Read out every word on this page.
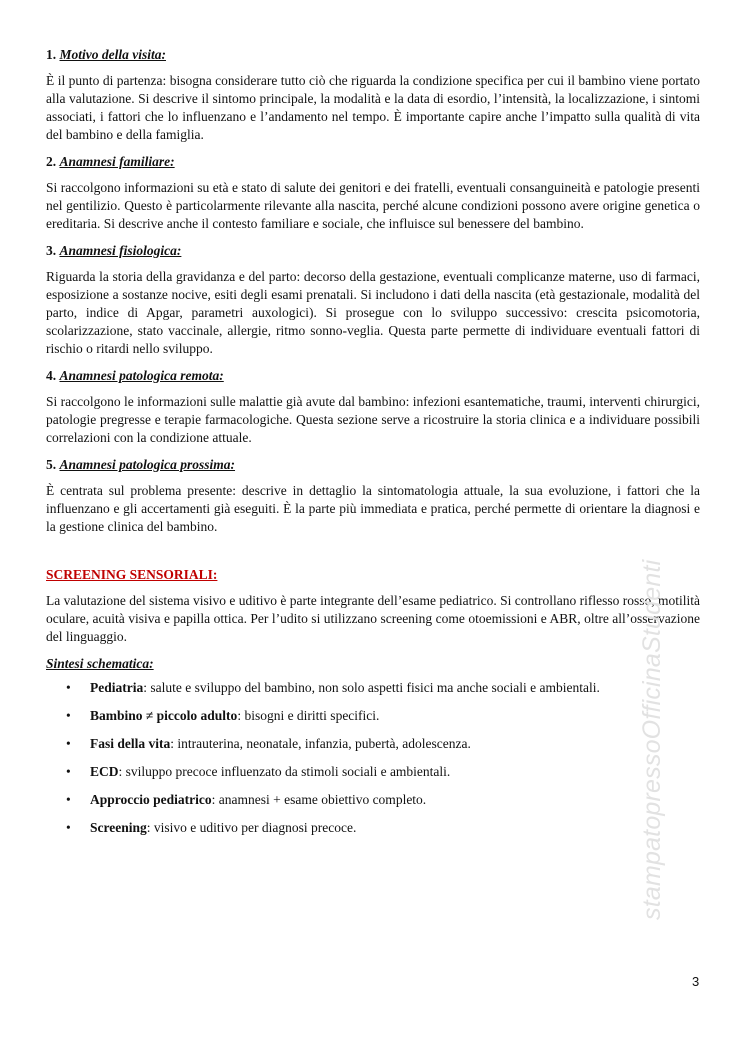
1. Motivo della visita:

È il punto di partenza: bisogna considerare tutto ciò che riguarda la condizione specifica per cui il bambino viene portato alla valutazione. Si descrive il sintomo principale, la modalità e la data di esordio, l’intensità, la localizzazione, i sintomi associati, i fattori che lo influenzano e l’andamento nel tempo. È importante capire anche l’impatto sulla qualità di vita del bambino e della famiglia.

2. Anamnesi familiare:

Si raccolgono informazioni su età e stato di salute dei genitori e dei fratelli, eventuali consanguineità e patologie presenti nel gentilizio. Questo è particolarmente rilevante alla nascita, perché alcune condizioni possono avere origine genetica o ereditaria. Si descrive anche il contesto familiare e sociale, che influisce sul benessere del bambino.

3. Anamnesi fisiologica:

Riguarda la storia della gravidanza e del parto: decorso della gestazione, eventuali complicanze materne, uso di farmaci, esposizione a sostanze nocive, esiti degli esami prenatali. Si includono i dati della nascita (età gestazionale, modalità del parto, indice di Apgar, parametri auxologici). Si prosegue con lo sviluppo successivo: crescita psicomotoria, scolarizzazione, stato vaccinale, allergie, ritmo sonno-veglia. Questa parte permette di individuare eventuali fattori di rischio o ritardi nello sviluppo.

4. Anamnesi patologica remota:

Si raccolgono le informazioni sulle malattie già avute dal bambino: infezioni esantematiche, traumi, interventi chirurgici, patologie pregresse e terapie farmacologiche. Questa sezione serve a ricostruire la storia clinica e a individuare possibili correlazioni con la condizione attuale.

5. Anamnesi patologica prossima:

È centrata sul problema presente: descrive in dettaglio la sintomatologia attuale, la sua evoluzione, i fattori che la influenzano e gli accertamenti già eseguiti. È la parte più immediata e pratica, perché permette di orientare la diagnosi e la gestione clinica del bambino.

SCREENING SENSORIALI:

La valutazione del sistema visivo e uditivo è parte integrante dell’esame pediatrico. Si controllano riflesso rosso, motilità oculare, acuità visiva e papilla ottica. Per l’udito si utilizzano screening come otoemissioni e ABR, oltre all’osservazione del linguaggio.

Sintesi schematica:

• Pediatria: salute e sviluppo del bambino, non solo aspetti fisici ma anche sociali e ambientali.
• Bambino ≠ piccolo adulto: bisogni e diritti specifici.
• Fasi della vita: intrauterina, neonatale, infanzia, pubertà, adolescenza.
• ECD: sviluppo precoce influenzato da stimoli sociali e ambientali.
• Approccio pediatrico: anamnesi + esame obiettivo completo.
• Screening: visivo e uditivo per diagnosi precoce.	stampatopressoOfficinaStudenti
3
